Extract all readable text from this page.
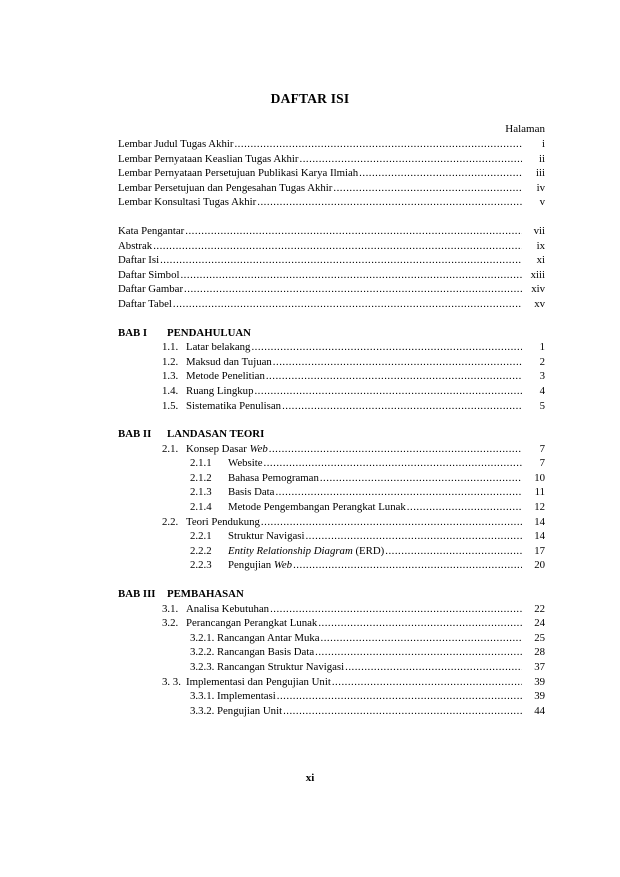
DAFTAR ISI
Halaman
Lembar Judul Tugas Akhir .....	i
Lembar Pernyataan Keaslian Tugas Akhir .....	ii
Lembar Pernyataan Persetujuan Publikasi Karya Ilmiah .....	iii
Lembar Persetujuan dan Pengesahan Tugas Akhir .....	iv
Lembar Konsultasi Tugas Akhir .....	v
Kata Pengantar .....	vii
Abstrak .....	ix
Daftar Isi .....	xi
Daftar Simbol .....	xiii
Daftar Gambar .....	xiv
Daftar Tabel .....	xv
BAB I	PENDAHULUAN
1.1. Latar belakang .....	1
1.2. Maksud dan Tujuan .....	2
1.3. Metode Penelitian .....	3
1.4. Ruang Lingkup .....	4
1.5. Sistematika Penulisan .....	5
BAB II	LANDASAN TEORI
2.1. Konsep Dasar Web .....	7
2.1.1	Website .....	7
2.1.2	Bahasa Pemograman .....	10
2.1.3	Basis Data .....	11
2.1.4	Metode Pengembangan Perangkat Lunak .....	12
2.2. Teori Pendukung .....	14
2.2.1	Struktur Navigasi .....	14
2.2.2	Entity Relationship Diagram (ERD) .....	17
2.2.3	Pengujian Web .....	20
BAB III	PEMBAHASAN
3.1. Analisa Kebutuhan .....	22
3.2. Perancangan Perangkat Lunak .....	24
3.2.1. Rancangan Antar Muka .....	25
3.2.2. Rancangan Basis Data .....	28
3.2.3. Rancangan Struktur Navigasi .....	37
3. 3. Implementasi dan Pengujian Unit .....	39
3.3.1. Implementasi .....	39
3.3.2. Pengujian Unit .....	44
xi
